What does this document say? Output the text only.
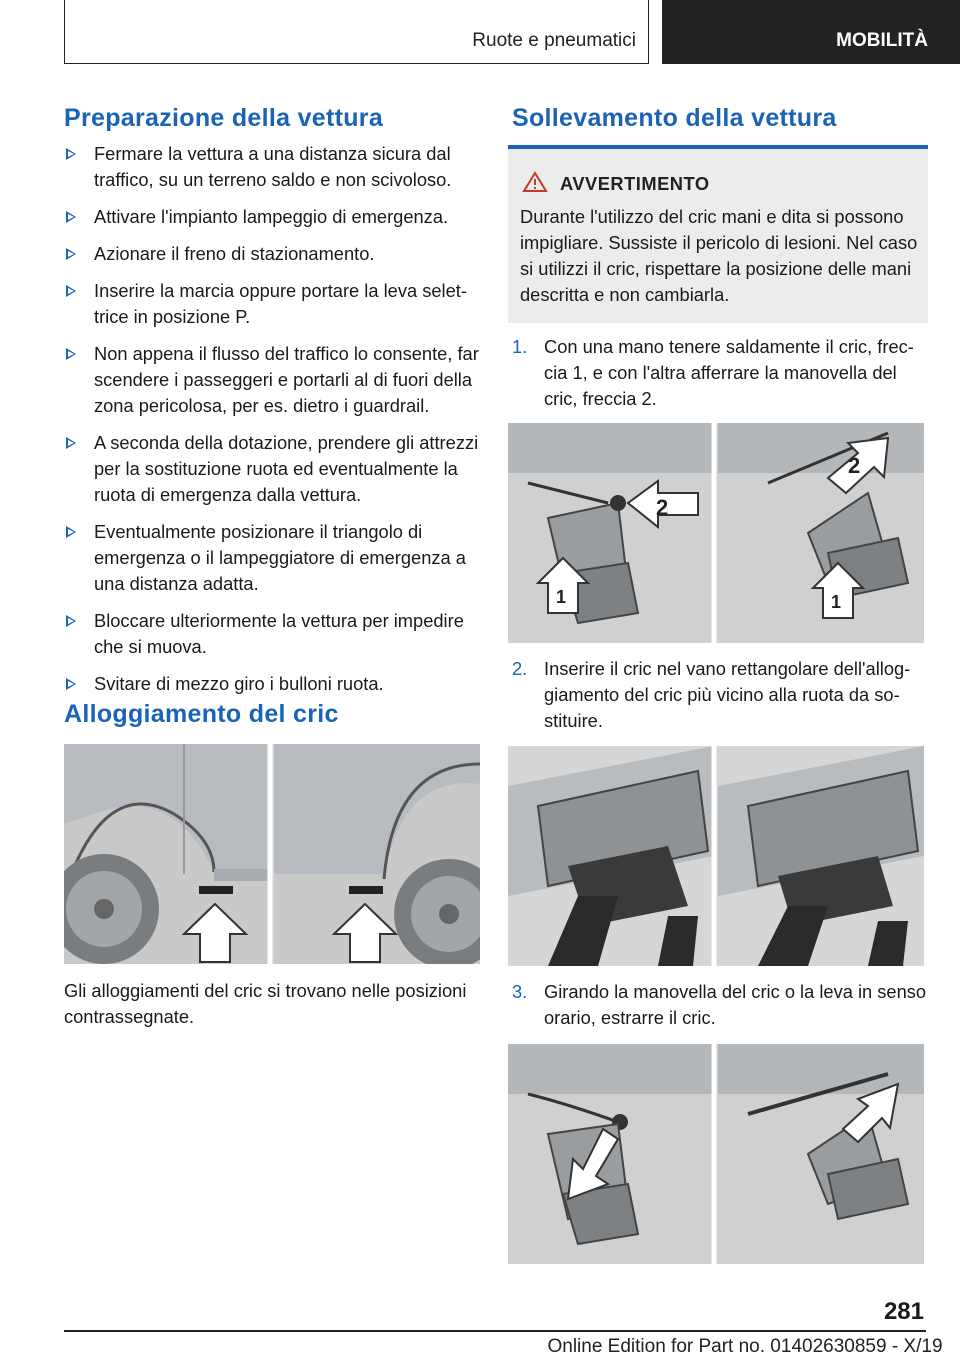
Ruote e pneumatici	MOBILITÀ
Preparazione della vettura
Fermare la vettura a una distanza sicura dal traffico, su un terreno saldo e non scivoloso.
Attivare l'impianto lampeggio di emergenza.
Azionare il freno di stazionamento.
Inserire la marcia oppure portare la leva selettrice in posizione P.
Non appena il flusso del traffico lo consente, far scendere i passeggeri e portarli al di fuori della zona pericolosa, per es. dietro i guardrail.
A seconda della dotazione, prendere gli attrezzi per la sostituzione ruota ed eventualmente la ruota di emergenza dalla vettura.
Eventualmente posizionare il triangolo di emergenza o il lampeggiatore di emergenza a una distanza adatta.
Bloccare ulteriormente la vettura per impedire che si muova.
Svitare di mezzo giro i bulloni ruota.
Alloggiamento del cric
Gli alloggiamenti del cric si trovano nelle posizioni contrassegnate.
Sollevamento della vettura
AVVERTIMENTO
Durante l'utilizzo del cric mani e dita si possono impigliare. Sussiste il pericolo di lesioni. Nel caso si utilizzi il cric, rispettare la posizione delle mani descritta e non cambiarla.
1. Con una mano tenere saldamente il cric, freccia 1, e con l'altra afferrare la manovella del cric, freccia 2.
2
1
2
1
2. Inserire il cric nel vano rettangolare dell'alloggiamento del cric più vicino alla ruota da sostituire.
3. Girando la manovella del cric o la leva in senso orario, estrarre il cric.
281
Online Edition for Part no. 01402630859 - X/19
